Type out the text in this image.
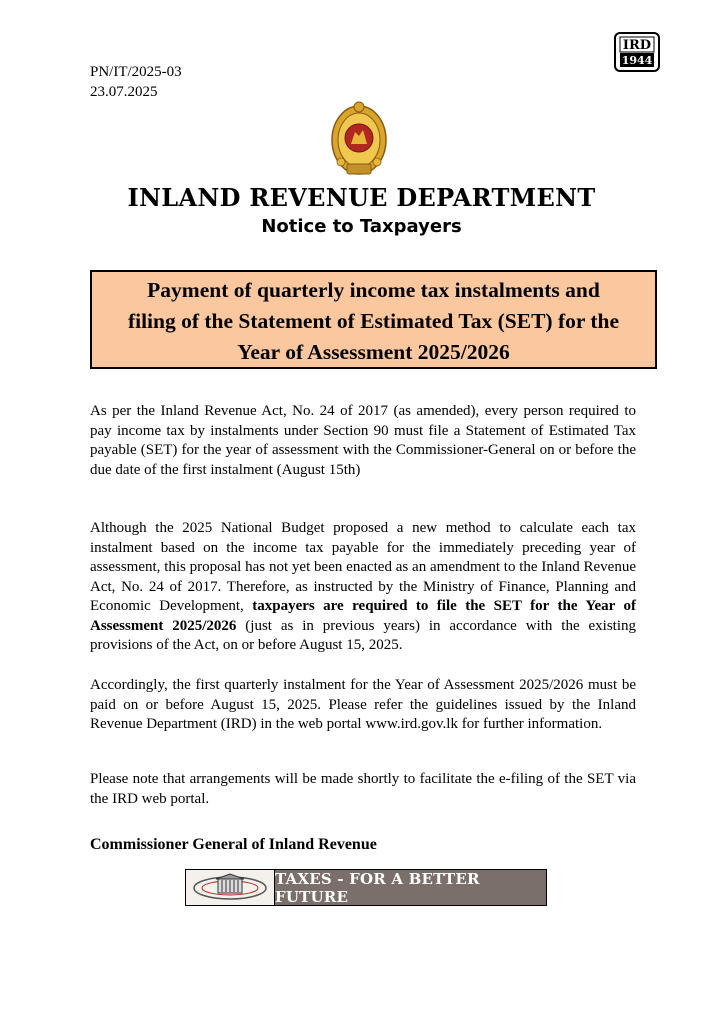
PN/IT/2025-03
23.07.2025
IRD
1944
INLAND REVENUE DEPARTMENT
Notice to Taxpayers
Payment of quarterly income tax instalments and
filing of the Statement of Estimated Tax (SET) for the
Year of Assessment 2025/2026

As per the Inland Revenue Act, No. 24 of 2017 (as amended), every person required to pay income tax by instalments under Section 90 must file a Statement of Estimated Tax payable (SET) for the year of assessment with the Commissioner-General on or before the due date of the first instalment (August 15th)

Although the 2025 National Budget proposed a new method to calculate each tax instalment based on the income tax payable for the immediately preceding year of assessment, this proposal has not yet been enacted as an amendment to the Inland Revenue Act, No. 24 of 2017. Therefore, as instructed by the Ministry of Finance, Planning and Economic Development, taxpayers are required to file the SET for the Year of Assessment 2025/2026 (just as in previous years) in accordance with the existing provisions of the Act, on or before August 15, 2025.

Accordingly, the first quarterly instalment for the Year of Assessment 2025/2026 must be paid on or before August 15, 2025. Please refer the guidelines issued by the Inland Revenue Department (IRD) in the web portal www.ird.gov.lk for further information.

Please note that arrangements will be made shortly to facilitate the e-filing of the SET via the IRD web portal.

Commissioner General of Inland Revenue
TAXES - FOR A BETTER FUTURE
